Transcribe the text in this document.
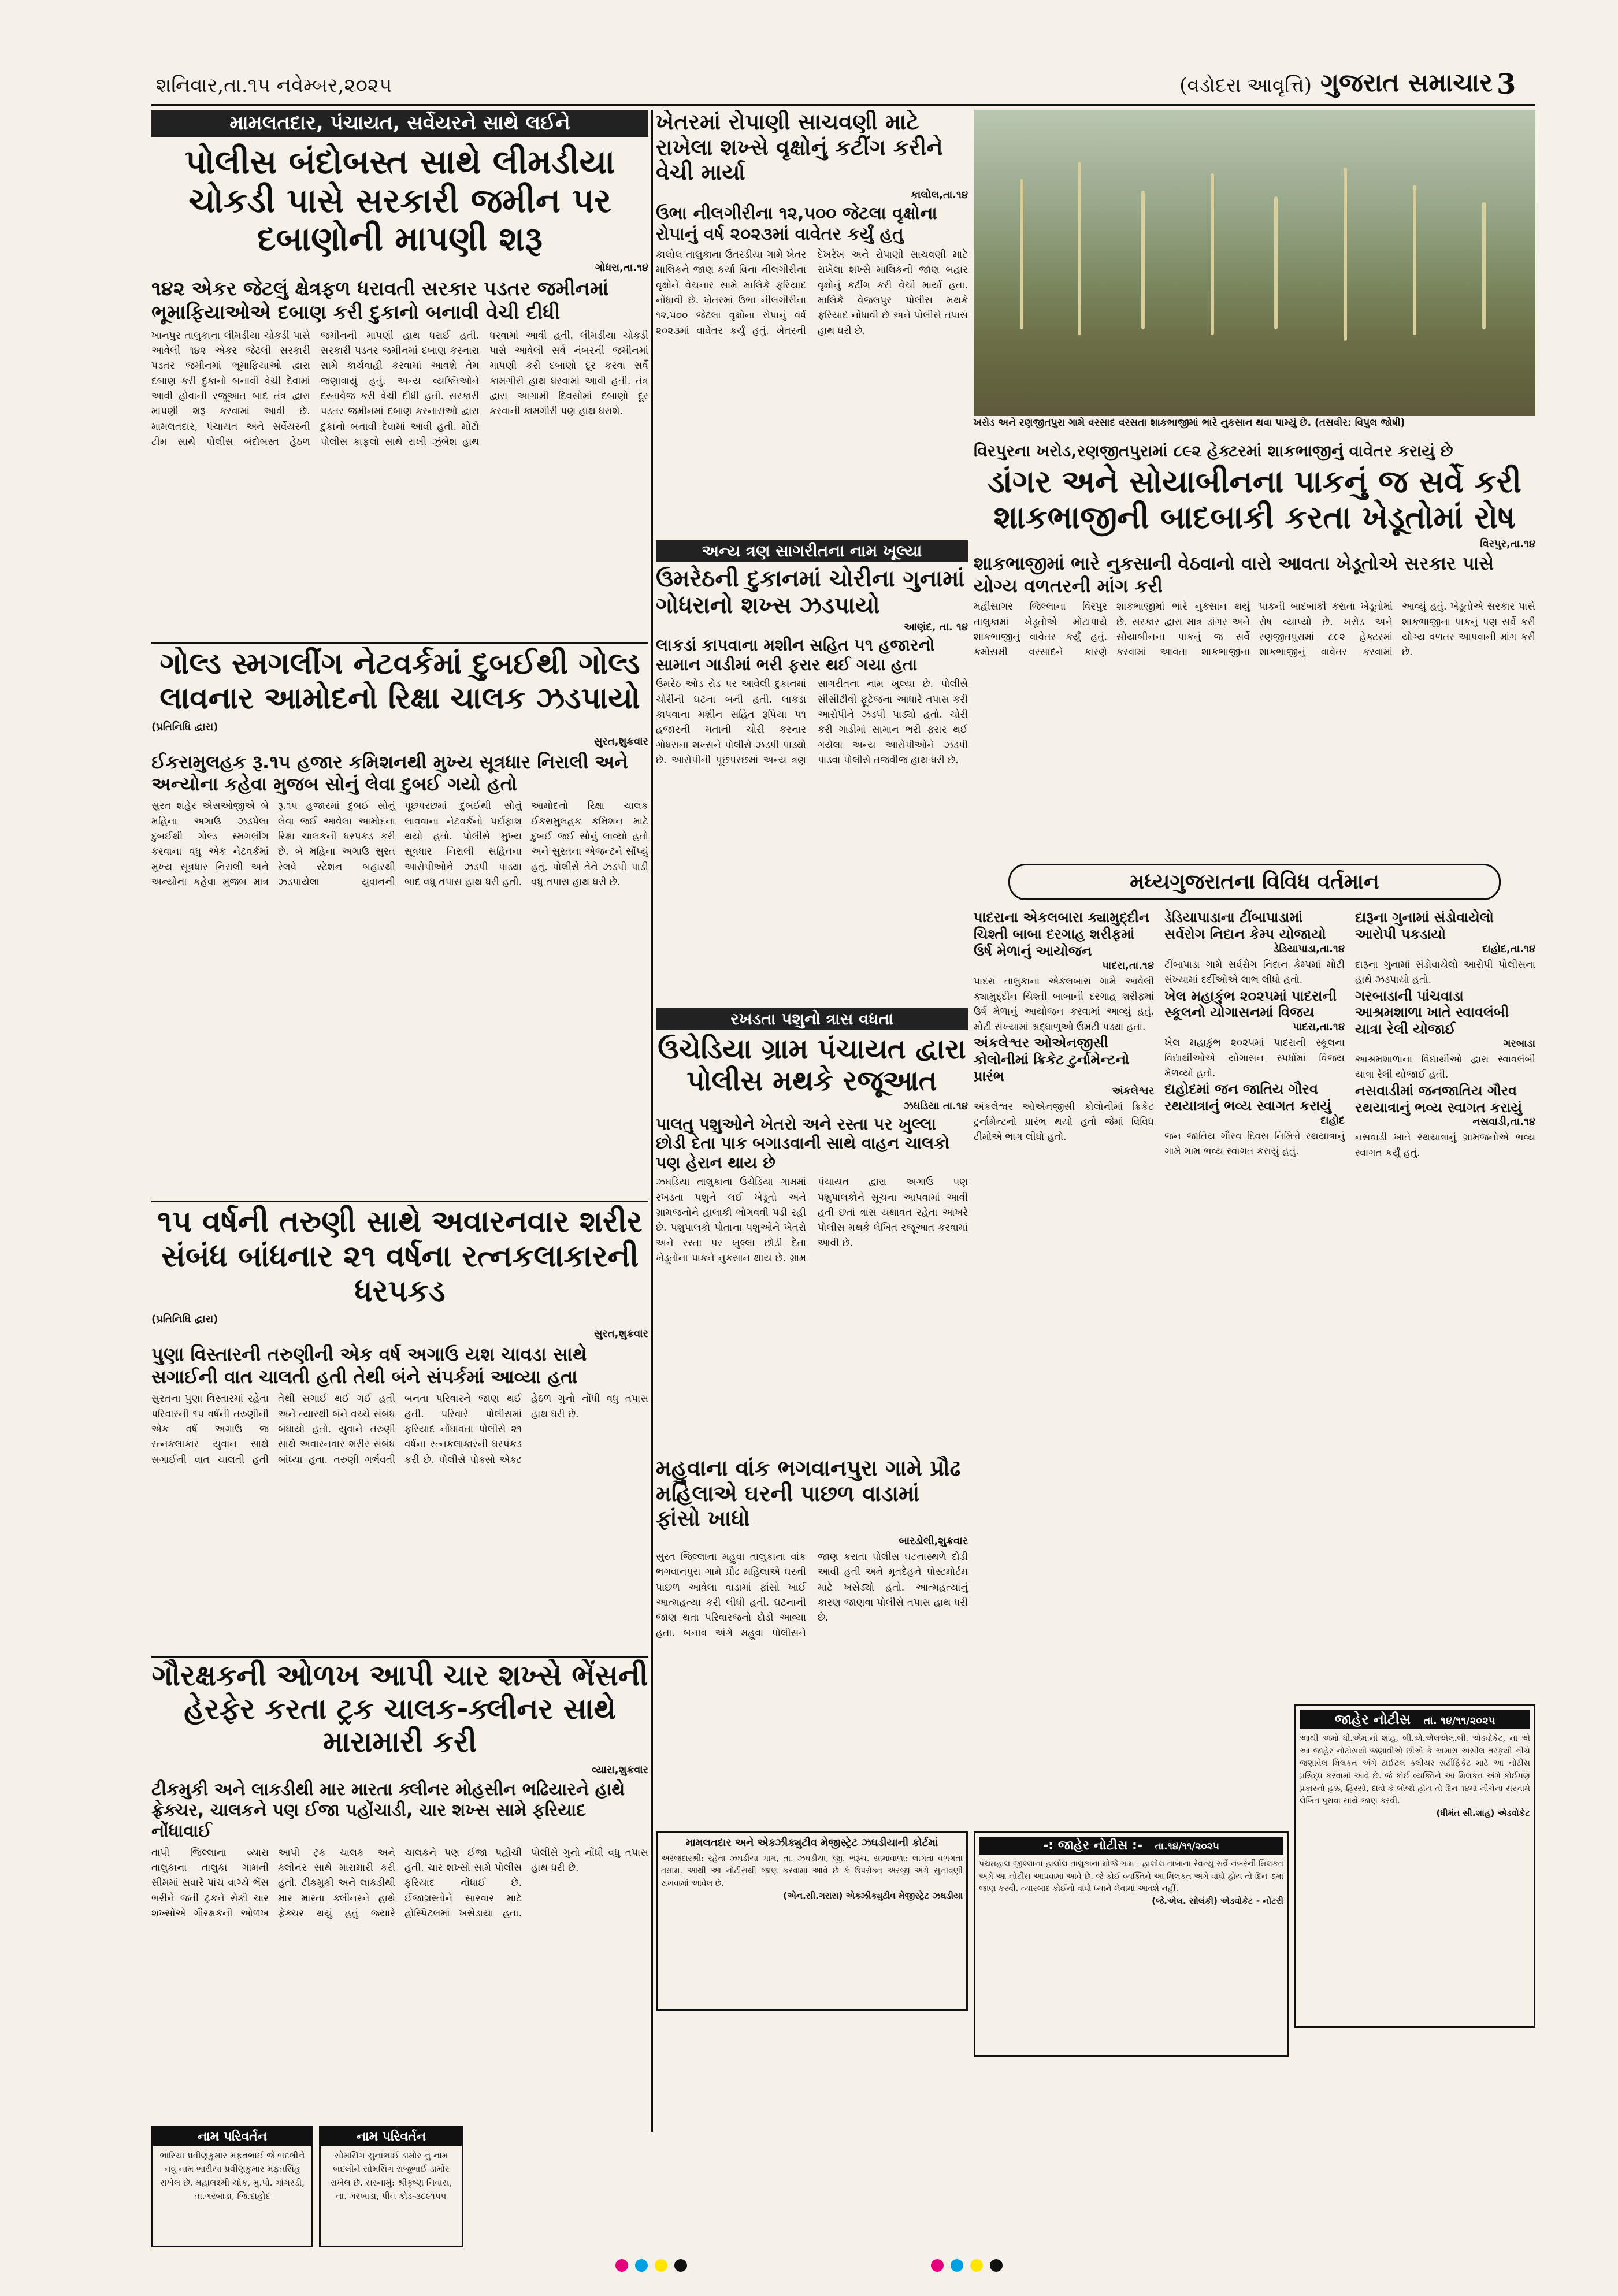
શનિવાર,તા.૧૫ નવેમ્બર,૨૦૨૫	(વડોદરા આવૃત્તિ) ગુજરાત સમાચાર 3
મામલતદાર, પંચાયત, સર્વેયરને સાથે લઈને
પોલીસ બંદોબસ્ત સાથે લીમડીયા ચોકડી પાસે સરકારી જમીન પર દબાણોની માપણી શરૂ

ગોધરા,તા.૧૪

૧૪૨ એકર જેટલું ક્ષેત્રફળ ધરાવતી સરકાર પડતર જમીનમાં ભૂમાફિયાઓએ દબાણ કરી દુકાનો બનાવી વેચી દીધી

ખાનપુર તાલુકાના લીમડીયા ચોકડી પાસે આવેલી ૧૪૨ એકર જેટલી સરકારી પડતર જમીનમાં ભૂમાફિયાઓ દ્વારા દબાણ કરી દુકાનો બનાવી વેચી દેવામાં આવી હોવાની રજૂઆત બાદ તંત્ર દ્વારા માપણી શરૂ કરવામાં આવી છે. મામલતદાર, પંચાયત અને સર્વેયરની ટીમ સાથે પોલીસ બંદોબસ્ત હેઠળ જમીનની માપણી હાથ ધરાઈ હતી. સરકારી પડતર જમીનમાં દબાણ કરનારા સામે કાર્યવાહી કરવામાં આવશે તેમ જણાવાયું હતું. અન્ય વ્યક્તિઓને દસ્તાવેજ કરી વેચી દીધી હતી. સરકારી પડતર જમીનમાં દબાણ કરનારાઓ દ્વારા દુકાનો બનાવી દેવામાં આવી હતી. મોટો પોલીસ કાફલો સાથે રાખી ઝુંબેશ હાથ ધરવામાં આવી હતી. લીમડીયા ચોકડી પાસે આવેલી સર્વે નંબરની જમીનમાં માપણી કરી દબાણો દૂર કરવા સર્વે કામગીરી હાથ ધરવામાં આવી હતી. તંત્ર દ્વારા આગામી દિવસોમાં દબાણો દૂર કરવાની કામગીરી પણ હાથ ધરાશે.

ગોલ્ડ સ્મગલીંગ નેટવર્કમાં દુબઈથી ગોલ્ડ લાવનાર આમોદનો રિક્ષા ચાલક ઝડપાયો

(પ્રતિનિધિ દ્વારા)

સુરત,શુક્રવાર

ઈકરામુલહક રૂ.૧૫ હજાર કમિશનથી મુખ્ય સૂત્રધાર નિરાલી અને અન્યોના કહેવા મુજબ સોનું લેવા દુબઈ ગયો હતો

સુરત શહેર એસઓજીએ બે મહિના અગાઉ ઝડપેલા દુબઈથી ગોલ્ડ સ્મગલીંગ કરવાના વધુ એક નેટવર્કમાં મુખ્ય સૂત્રધાર નિરાલી અને અન્યોના કહેવા મુજબ માત્ર રૂ.૧૫ હજારમાં દુબઈ સોનું લેવા જઈ આવેલા આમોદના રિક્ષા ચાલકની ધરપકડ કરી છે. બે મહિના અગાઉ સુરત રેલવે સ્ટેશન બહારથી ઝડપાયેલા યુવાનની પૂછપરછમાં દુબઈથી સોનું લાવવાના નેટવર્કનો પર્દાફાશ થયો હતો. પોલીસે મુખ્ય સૂત્રધાર નિરાલી સહિતના આરોપીઓને ઝડપી પાડ્યા બાદ વધુ તપાસ હાથ ધરી હતી. આમોદનો રિક્ષા ચાલક ઈકરામુલહક કમિશન માટે દુબઈ જઈ સોનું લાવ્યો હતો અને સુરતના એજન્ટને સોંપ્યું હતું. પોલીસે તેને ઝડપી પાડી વધુ તપાસ હાથ ધરી છે.

૧૫ વર્ષની તરુણી સાથે અવારનવાર શરીર સંબંધ બાંધનાર ૨૧ વર્ષના રત્નકલાકારની ધરપકડ

(પ્રતિનિધિ દ્વારા)

સુરત,શુક્રવાર

પુણા વિસ્તારની તરુણીની એક વર્ષ અગાઉ યશ ચાવડા સાથે સગાઈની વાત ચાલતી હતી તેથી બંને સંપર્કમાં આવ્યા હતા

સુરતના પુણા વિસ્તારમાં રહેતા પરિવારની ૧૫ વર્ષની તરુણીની એક વર્ષ અગાઉ જ રત્નકલાકાર યુવાન સાથે સગાઈની વાત ચાલતી હતી તેથી સગાઈ થઈ ગઈ હતી અને ત્યારથી બંને વચ્ચે સંબંધ બંધાયો હતો. યુવાને તરુણી સાથે અવારનવાર શરીર સંબંધ બાંધ્યા હતા. તરુણી ગર્ભવતી બનતા પરિવારને જાણ થઈ હતી. પરિવારે પોલીસમાં ફરિયાદ નોંધાવતા પોલીસે ૨૧ વર્ષના રત્નકલાકારની ધરપકડ કરી છે. પોલીસે પોક્સો એક્ટ હેઠળ ગુનો નોંધી વધુ તપાસ હાથ ધરી છે.

ગૌરક્ષકની ઓળખ આપી ચાર શખ્સે ભેંસની હેરફેર કરતા ટ્રક ચાલક-ક્લીનર સાથે મારામારી કરી

વ્યારા,શુક્રવાર

ટીકમુકી અને લાકડીથી માર મારતા ક્લીનર મોહસીન ભઢિયારને હાથે ફ્રેક્ચર, ચાલકને પણ ઈજા પહોંચાડી, ચાર શખ્સ સામે ફરિયાદ નોંધાવાઈ

તાપી જિલ્લાના વ્યારા તાલુકાના તાલુકા ગામની સીમમાં સવારે પાંચ વાગ્યે ભેંસ ભરીને જતી ટ્રકને રોકી ચાર શખ્સોએ ગૌરક્ષકની ઓળખ આપી ટ્રક ચાલક અને ક્લીનર સાથે મારામારી કરી હતી. ટીકમુકી અને લાકડીથી માર મારતા ક્લીનરને હાથે ફ્રેક્ચર થયું હતું જ્યારે ચાલકને પણ ઈજા પહોંચી હતી. ચાર શખ્સો સામે પોલીસ ફરિયાદ નોંધાઈ છે. ઈજાગ્રસ્તોને સારવાર માટે હોસ્પિટલમાં ખસેડાયા હતા. પોલીસે ગુનો નોંધી વધુ તપાસ હાથ ધરી છે.

નામ પરિવર્તન

ભારિયા પ્રવીણકુમાર મફતભાઈ જે બદલીને નવું નામ ભારીયા પ્રવીણકુમાર મફતસિંહ રાખેલ છે. મહાલક્ષ્મી ચોક, મુ.પો. ગાંગરડી, તા.ગરબાડા, જિ.દાહોદ

નામ પરિવર્તન

સોમસિંગ ચુનાભાઈ ડામોર નું નામ બદલીને સોમસિંગ રાજુભાઈ ડામોર રાખેલ છે. સરનામું: શ્રીકૃષ્ણ નિવાસ, તા. ગરબાડા, પીન કોડ-૩૮૯૧૫૫

ખેતરમાં રોપાણી સાચવણી માટે રાખેલા શખ્સે વૃક્ષોનું કટીંગ કરીને વેચી માર્યા

કાલોલ,તા.૧૪

ઉભા નીલગીરીના ૧૨,૫૦૦ જેટલા વૃક્ષોના રોપાનું વર્ષ ૨૦૨૩માં વાવેતર કર્યું હતુ

કાલોલ તાલુકાના ઉતરડીયા ગામે ખેતર માલિકને જાણ કર્યા વિના નીલગીરીના વૃક્ષોને વેચનાર સામે માલિકે ફરિયાદ નોંધાવી છે. ખેતરમાં ઉભા નીલગીરીના ૧૨,૫૦૦ જેટલા વૃક્ષોના રોપાનું વર્ષ ૨૦૨૩માં વાવેતર કર્યું હતું. ખેતરની દેખરેખ અને રોપાણી સાચવણી માટે રાખેલા શખ્સે માલિકની જાણ બહાર વૃક્ષોનું કટીંગ કરી વેચી માર્યા હતા. માલિકે વેજલપુર પોલીસ મથકે ફરિયાદ નોંધાવી છે અને પોલીસે તપાસ હાથ ધરી છે.

અન્ય ત્રણ સાગરીતના નામ ખૂલ્યા
ઉમરેઠની દુકાનમાં ચોરીના ગુનામાં ગોધરાનો શખ્સ ઝડપાયો

આણંદ, તા. ૧૪

લાકડાં કાપવાના મશીન સહિત ૫૧ હજારનો સામાન ગાડીમાં ભરી ફરાર થઈ ગયા હતા

ઉમરેઠ ઓડ રોડ પર આવેલી દુકાનમાં ચોરીની ઘટના બની હતી. લાકડા કાપવાના મશીન સહિત રૂપિયા ૫૧ હજારની મતાની ચોરી કરનાર ગોધરાના શખ્સને પોલીસે ઝડપી પાડ્યો છે. આરોપીની પૂછપરછમાં અન્ય ત્રણ સાગરીતના નામ ખુલ્યા છે. પોલીસે સીસીટીવી ફૂટેજના આધારે તપાસ કરી આરોપીને ઝડપી પાડ્યો હતો. ચોરી કરી ગાડીમાં સામાન ભરી ફરાર થઈ ગયેલા અન્ય આરોપીઓને ઝડપી પાડવા પોલીસે તજવીજ હાથ ધરી છે.

રખડતા પશુનો ત્રાસ વધતા
ઉચેડિયા ગ્રામ પંચાયત દ્વારા પોલીસ મથકે રજૂઆત

ઝઘડિયા તા.૧૪

પાલતુ પશુઓને ખેતરો અને રસ્તા પર ખુલ્લા છોડી દેતા પાક બગાડવાની સાથે વાહન ચાલકો પણ હેરાન થાય છે

ઝઘડિયા તાલુકાના ઉચેડિયા ગામમાં રખડતા પશુને લઈ ખેડૂતો અને ગ્રામજનોને હાલાકી ભોગવવી પડી રહી છે. પશુપાલકો પોતાના પશુઓને ખેતરો અને રસ્તા પર ખુલ્લા છોડી દેતા ખેડૂતોના પાકને નુકસાન થાય છે. ગ્રામ પંચાયત દ્વારા અગાઉ પણ પશુપાલકોને સૂચના આપવામાં આવી હતી છતાં ત્રાસ યથાવત રહેતા આખરે પોલીસ મથકે લેખિત રજૂઆત કરવામાં આવી છે.

મહુવાના વાંક ભગવાનપુરા ગામે પ્રૌઢ મહિલાએ ઘરની પાછળ વાડામાં ફાંસો ખાધો

બારડોલી,શુક્રવાર

સુરત જિલ્લાના મહુવા તાલુકાના વાંક ભગવાનપુરા ગામે પ્રૌઢ મહિલાએ ઘરની પાછળ આવેલા વાડામાં ફાંસો ખાઈ આત્મહત્યા કરી લીધી હતી. ઘટનાની જાણ થતા પરિવારજનો દોડી આવ્યા હતા. બનાવ અંગે મહુવા પોલીસને જાણ કરાતા પોલીસ ઘટનાસ્થળે દોડી આવી હતી અને મૃતદેહને પોસ્ટમોર્ટમ માટે ખસેડ્યો હતો. આત્મહત્યાનું કારણ જાણવા પોલીસે તપાસ હાથ ધરી છે.

મામલતદાર અને એક્ઝીક્યુટીવ મેજીસ્ટ્રેટ ઝઘડીયાની કોર્ટમાં

અરજદારશ્રી: રહેતા ઝઘડીયા ગામ, તા. ઝઘડીયા, જી. ભરૂચ. સામાવાળા: લાગતા વળગતા તમામ. આથી આ નોટીસથી જાણ કરવામાં આવે છે કે ઉપરોક્ત અરજી અંગે સુનાવણી રાખવામાં આવેલ છે.

(એન.સી.ગરાસ) એક્ઝીક્યુટીવ મેજીસ્ટ્રેટ ઝઘડીયા

ખરોડ અને રણજીતપુરા ગામે વરસાદ વરસતા શાકભાજીમાં ભારે નુકસાન થવા પામ્યું છે. (તસવીર: વિપુલ જોષી)
વિરપુરના ખરોડ,રણજીતપુરામાં ૮૯૨ હેક્ટરમાં શાકભાજીનું વાવેતર કરાયું છે
ડાંગર અને સોયાબીનના પાકનું જ સર્વે કરી શાકભાજીની બાદબાકી કરતા ખેડૂતોમાં રોષ

વિરપુર,તા.૧૪

શાકભાજીમાં ભારે નુકસાની વેઠવાનો વારો આવતા ખેડૂતોએ સરકાર પાસે યોગ્ય વળતરની માંગ કરી

મહીસાગર જિલ્લાના વિરપુર તાલુકામાં ખેડૂતોએ મોટાપાયે શાકભાજીનું વાવેતર કર્યું હતું. કમોસમી વરસાદને કારણે શાકભાજીમાં ભારે નુકસાન થયું છે. સરકાર દ્વારા માત્ર ડાંગર અને સોયાબીનના પાકનું જ સર્વે કરવામાં આવતા શાકભાજીના પાકની બાદબાકી કરાતા ખેડૂતોમાં રોષ વ્યાપ્યો છે. ખરોડ અને રણજીતપુરામાં ૮૯૨ હેક્ટરમાં શાકભાજીનું વાવેતર કરવામાં આવ્યું હતું. ખેડૂતોએ સરકાર પાસે શાકભાજીના પાકનું પણ સર્વે કરી યોગ્ય વળતર આપવાની માંગ કરી છે.

મધ્યગુજરાતના વિવિધ વર્તમાન
પાદરાના એકલબારા ક્યામુદ્દીન ચિશ્તી બાબા દરગાહ શરીફમાં ઉર્ષ મેળાનું આયોજન

પાદરા,તા.૧૪

પાદરા તાલુકાના એકલબારા ગામે આવેલી ક્યામુદ્દીન ચિશ્તી બાબાની દરગાહ શરીફમાં ઉર્ષ મેળાનું આયોજન કરવામાં આવ્યું હતું. મોટી સંખ્યામાં શ્રદ્ધાળુઓ ઉમટી પડ્યા હતા.

અંકલેશ્વર ઓએનજીસી કોલોનીમાં ક્રિકેટ ટુર્નામેન્ટનો પ્રારંભ

અંકલેશ્વર

અંકલેશ્વર ઓએનજીસી કોલોનીમાં ક્રિકેટ ટુર્નામેન્ટનો પ્રારંભ થયો હતો જેમાં વિવિધ ટીમોએ ભાગ લીધો હતો.

ડેડિયાપાડાના ટીંબાપાડામાં સર્વરોગ નિદાન કેમ્પ યોજાયો

ડેડિયાપાડા,તા.૧૪

ટીંબાપાડા ગામે સર્વરોગ નિદાન કેમ્પમાં મોટી સંખ્યામાં દર્દીઓએ લાભ લીધો હતો.

ખેલ મહાકુંભ ૨૦૨૫માં પાદરાની સ્કૂલનો યોગાસનમાં વિજય

પાદરા,તા.૧૪

ખેલ મહાકુંભ ૨૦૨૫માં પાદરાની સ્કૂલના વિદ્યાર્થીઓએ યોગાસન સ્પર્ધામાં વિજય મેળવ્યો હતો.

દાહોદમાં જન જાતિય ગૌરવ રથયાત્રાનું ભવ્ય સ્વાગત કરાયું

દાહોદ

જન જાતિય ગૌરવ દિવસ નિમિત્તે રથયાત્રાનું ગામે ગામ ભવ્ય સ્વાગત કરાયું હતું.

દારૂના ગુનામાં સંડોવાયેલો આરોપી પકડાયો

દાહોદ,તા.૧૪

દારૂના ગુનામાં સંડોવાયેલો આરોપી પોલીસના હાથે ઝડપાયો હતો.

ગરબાડાની પાંચવાડા આશ્રમશાળા ખાતે સ્વાવલંબી યાત્રા રેલી યોજાઈ

ગરબાડા

આશ્રમશાળાના વિદ્યાર્થીઓ દ્વારા સ્વાવલંબી યાત્રા રેલી યોજાઈ હતી.

નસવાડીમાં જનજાતિય ગૌરવ રથયાત્રાનું ભવ્ય સ્વાગત કરાયું

નસવાડી,તા.૧૪

નસવાડી ખાતે રથયાત્રાનું ગ્રામજનોએ ભવ્ય સ્વાગત કર્યું હતું.

જાહેર નોટીસ તા. ૧૪/૧૧/૨૦૨૫

આથી અમો ધી.એમ.ની શાહ, બી.એ.એલએલ.બી. એડવોકેટ, ના એ આ જાહેર નોટીસથી જણાવીએ છીએ કે અમારા અસીલ તરફથી નીચે જણાવેલ મિલકત અંગે ટાઈટલ ક્લીયર સર્ટીફિકેટ માટે આ નોટીસ પ્રસિદ્ધ કરવામાં આવે છે. જે કોઈ વ્યક્તિને આ મિલકત અંગે કોઈપણ પ્રકારનો હક્ક, હિસ્સો, દાવો કે બોજો હોય તો દિન ૧૪માં નીચેના સરનામે લેખિત પુરાવા સાથે જાણ કરવી.

(ધીમંત સી.શાહ) એડવોકેટ

-: જાહેર નોટીસ :- તા.૧૪/૧૧/૨૦૨૫

પંચમહાલ જીલ્લાના હાલોલ તાલુકાના મોજે ગામ - હાલોલ તાબાના રેવન્યુ સર્વે નંબરની મિલકત અંગે આ નોટીસ આપવામાં આવે છે. જે કોઈ વ્યક્તિને આ મિલકત અંગે વાંધો હોય તો દિન ૭માં જાણ કરવી. ત્યારબાદ કોઈનો વાંધો ધ્યાને લેવામાં આવશે નહીં.

(જે.એલ. સોલંકી) એડવોકેટ - નોટરી
